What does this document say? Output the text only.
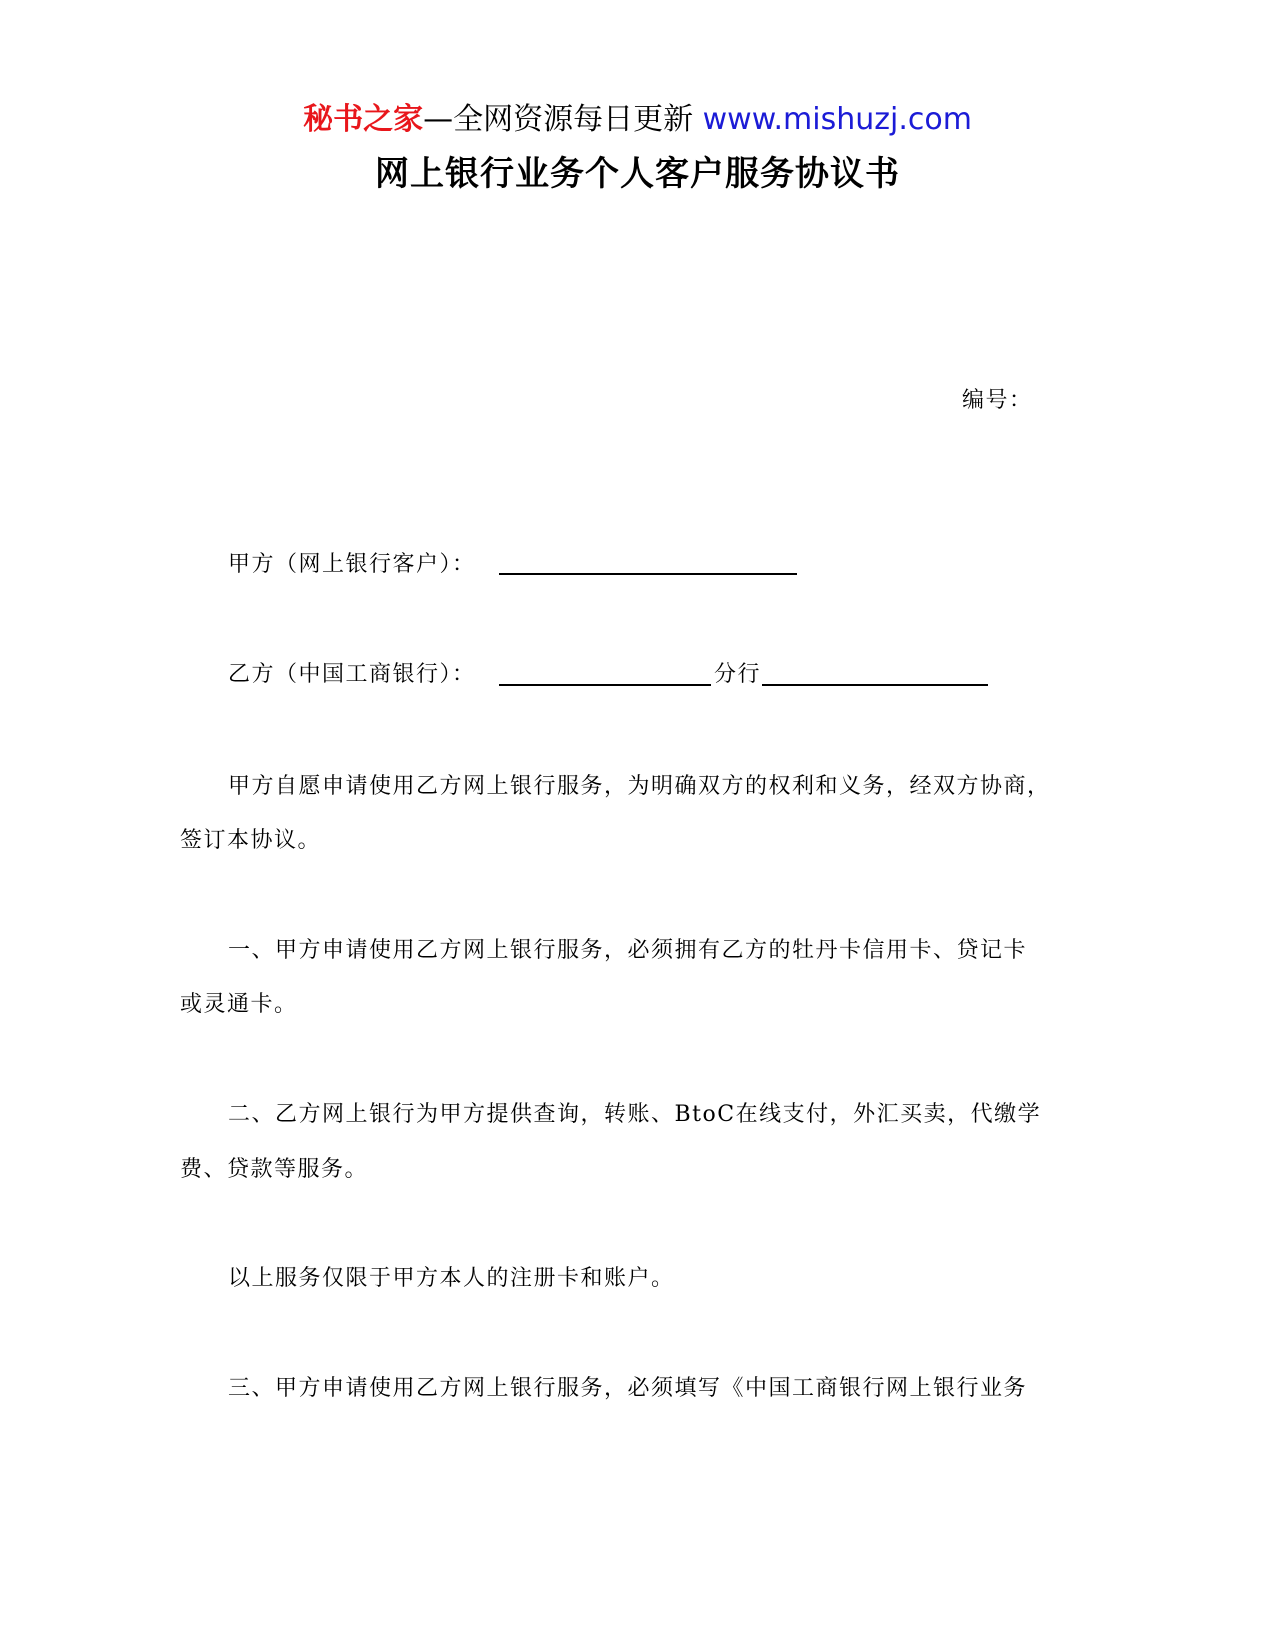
秘书之家—全网资源每日更新 www.mishuzj.com
网上银行业务个人客户服务协议书
编号：
甲方（网上银行客户）：
乙方（中国工商银行）：	分行
甲方自愿申请使用乙方网上银行服务，为明确双方的权利和义务，经双方协商，
签订本协议。
一、甲方申请使用乙方网上银行服务，必须拥有乙方的牡丹卡信用卡、贷记卡
或灵通卡。
二、乙方网上银行为甲方提供查询，转账、BtoC在线支付，外汇买卖，代缴学
费、贷款等服务。
以上服务仅限于甲方本人的注册卡和账户。
三、甲方申请使用乙方网上银行服务，必须填写《中国工商银行网上银行业务
